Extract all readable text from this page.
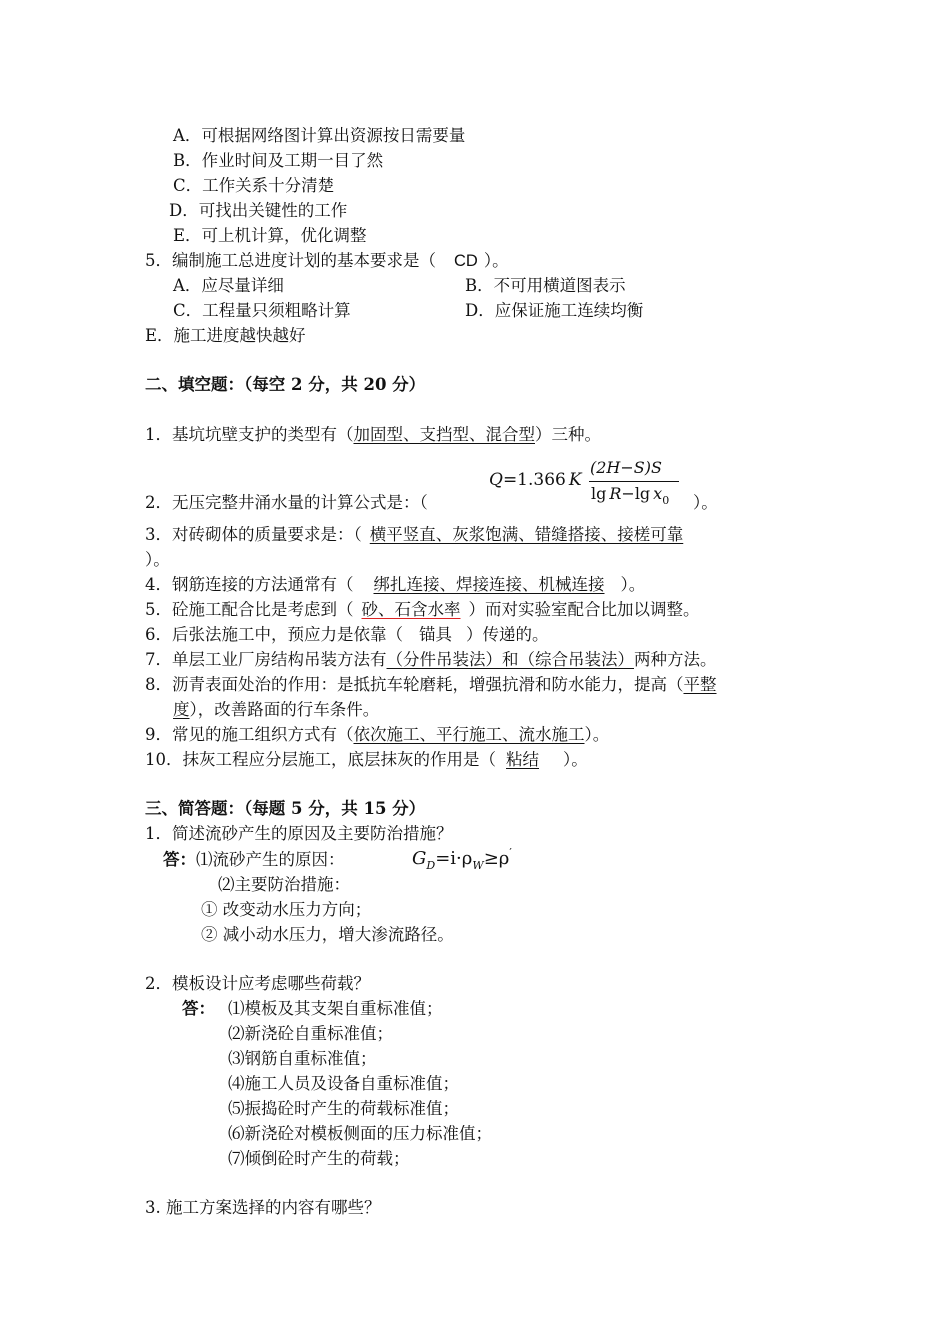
A．可根据网络图计算出资源按日需要量
B．作业时间及工期一目了然
C．工作关系十分清楚
D．可找出关键性的工作
E．可上机计算，优化调整
5．编制施工总进度计划的基本要求是（ CD ）。
A．应尽量详细	B．不可用横道图表示
C．工程量只须粗略计算	D．应保证施工连续均衡
E．施工进度越快越好
二、填空题：（每空 2 分，共 20 分）
1．基坑坑壁支护的类型有（加固型、支挡型、混合型）三种。
Q=1.366 K
(2H−S)S
lg R−lg $x_0$
2．无压完整井涌水量的计算公式是：（	）。
3．对砖砌体的质量要求是：（ 横平竖直、灰浆饱满、错缝搭接、接槎可靠
）。
4．钢筋连接的方法通常有（ 绑扎连接、焊接连接、机械连接 ）。
5．砼施工配合比是考虑到（ 砂、石含水率 ）而对实验室配合比加以调整。
6．后张法施工中，预应力是依靠（ 锚具 ）传递的。
7．单层工业厂房结构吊装方法有（分件吊装法）和（综合吊装法）两种方法。
8．沥青表面处治的作用：是抵抗车轮磨耗，增强抗滑和防水能力，提高（平整
度），改善路面的行车条件。
9．常见的施工组织方式有（依次施工、平行施工、流水施工）。
10．抹灰工程应分层施工，底层抹灰的作用是（ 粘结 ）。
三、简答题：（每题 5 分，共 15 分）
1．简述流砂产生的原因及主要防治措施？
答：⑴流砂产生的原因：	$G_D=i\cdot\rho_W\ge\rho'$
⑵主要防治措施：
① 改变动水压力方向；
② 减小动水压力，增大渗流路径。
2．模板设计应考虑哪些荷载？
答： ⑴模板及其支架自重标准值；
⑵新浇砼自重标准值；
⑶钢筋自重标准值；
⑷施工人员及设备自重标准值；
⑸振捣砼时产生的荷载标准值；
⑹新浇砼对模板侧面的压力标准值；
⑺倾倒砼时产生的荷载；
3. 施工方案选择的内容有哪些？
